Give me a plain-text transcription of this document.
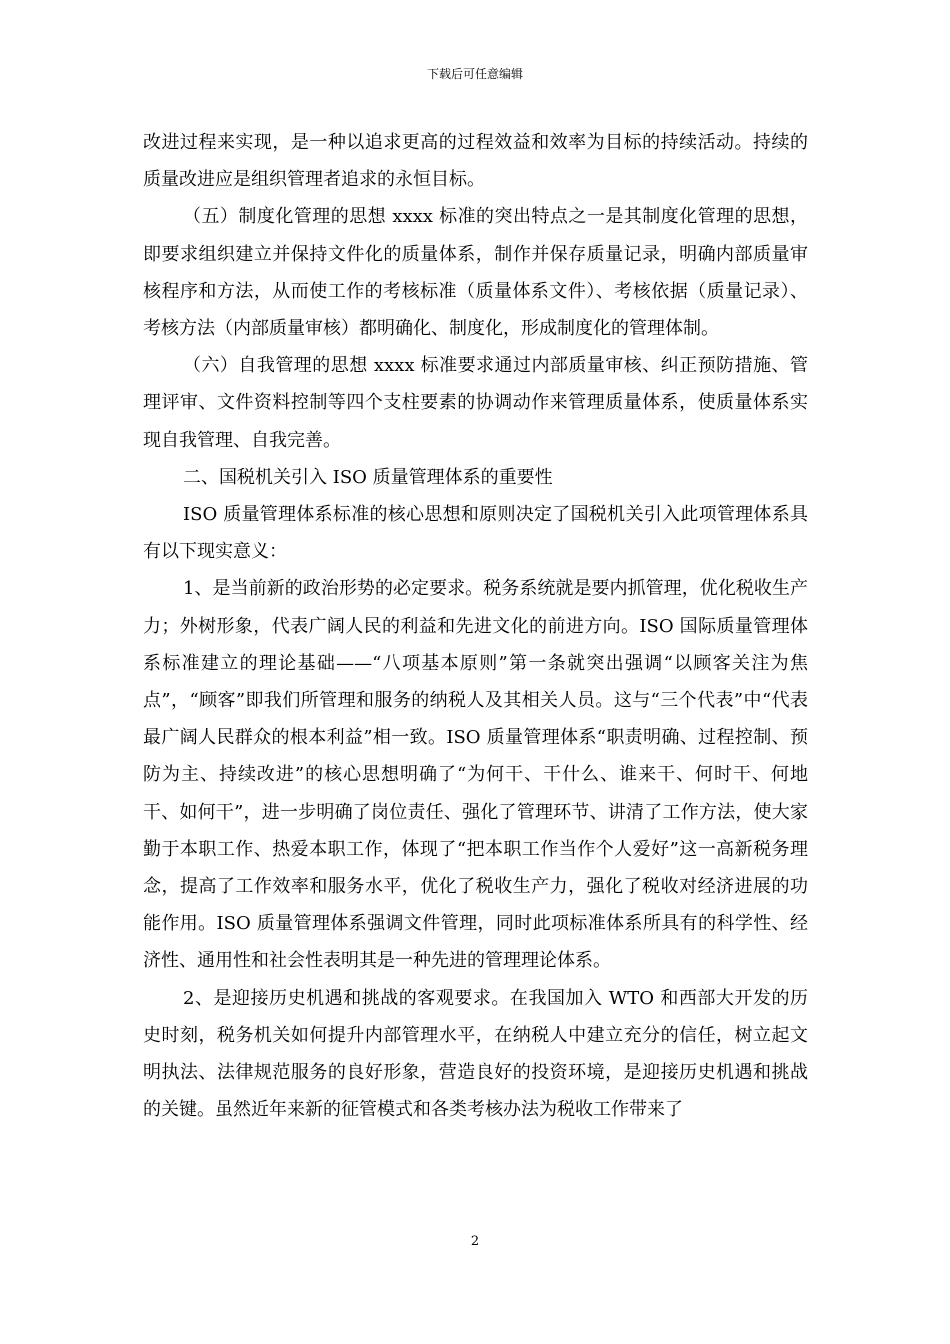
下载后可任意编辑

改进过程来实现，是一种以追求更高的过程效益和效率为目标的持续活动。持续的质量改进应是组织管理者追求的永恒目标。

（五）制度化管理的思想 xxxx 标准的突出特点之一是其制度化管理的思想，即要求组织建立并保持文件化的质量体系，制作并保存质量记录，明确内部质量审核程序和方法，从而使工作的考核标准（质量体系文件）、考核依据（质量记录）、考核方法（内部质量审核）都明确化、制度化，形成制度化的管理体制。

（六）自我管理的思想 xxxx 标准要求通过内部质量审核、纠正预防措施、管理评审、文件资料控制等四个支柱要素的协调动作来管理质量体系，使质量体系实现自我管理、自我完善。

二、国税机关引入 ISO 质量管理体系的重要性

ISO 质量管理体系标准的核心思想和原则决定了国税机关引入此项管理体系具有以下现实意义：

1、是当前新的政治形势的必定要求。税务系统就是要内抓管理，优化税收生产力；外树形象，代表广阔人民的利益和先进文化的前进方向。ISO 国际质量管理体系标准建立的理论基础——“八项基本原则”第一条就突出强调“以顾客关注为焦点”，“顾客”即我们所管理和服务的纳税人及其相关人员。这与“三个代表”中“代表最广阔人民群众的根本利益”相一致。ISO 质量管理体系“职责明确、过程控制、预防为主、持续改进”的核心思想明确了“为何干、干什么、谁来干、何时干、何地干、如何干”，进一步明确了岗位责任、强化了管理环节、讲清了工作方法，使大家勤于本职工作、热爱本职工作，体现了“把本职工作当作个人爱好”这一高新税务理念，提高了工作效率和服务水平，优化了税收生产力，强化了税收对经济进展的功能作用。ISO 质量管理体系强调文件管理，同时此项标准体系所具有的科学性、经济性、通用性和社会性表明其是一种先进的管理理论体系。

2、是迎接历史机遇和挑战的客观要求。在我国加入 WTO 和西部大开发的历史时刻，税务机关如何提升内部管理水平，在纳税人中建立充分的信任，树立起文明执法、法律规范服务的良好形象，营造良好的投资环境，是迎接历史机遇和挑战的关键。虽然近年来新的征管模式和各类考核办法为税收工作带来了

2
